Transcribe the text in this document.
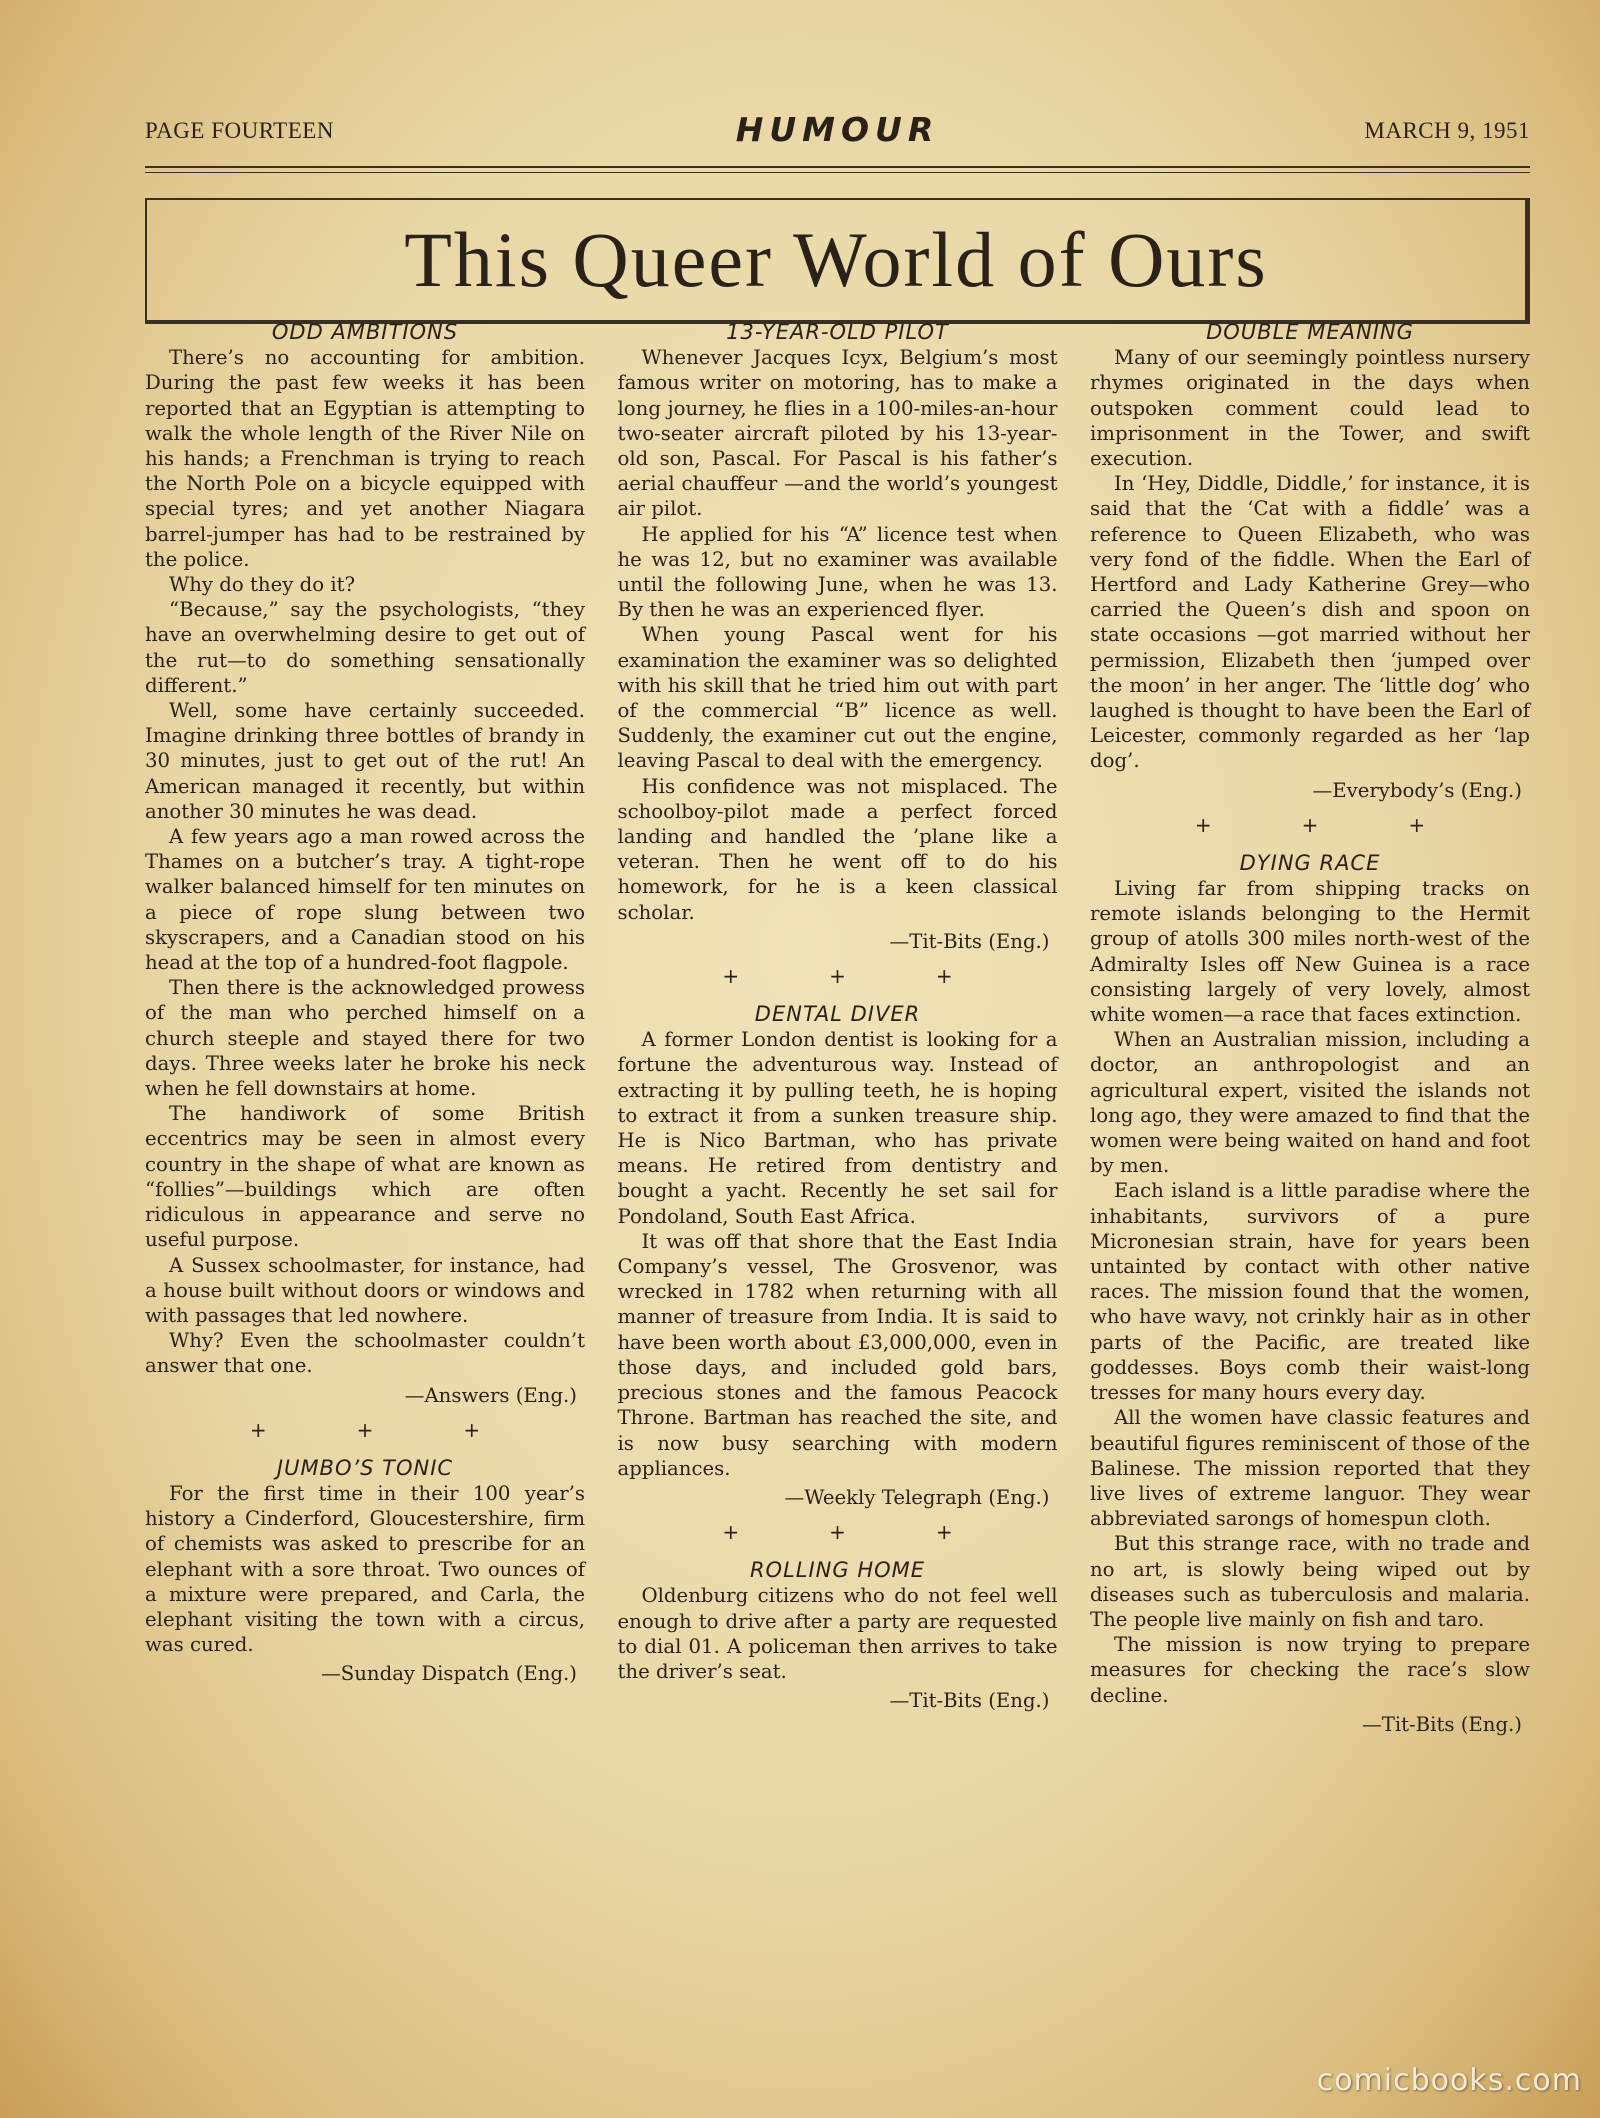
PAGE FOURTEEN	HUMOUR	MARCH 9, 1951
This Queer World of Ours
ODD AMBITIONS

There’s no accounting for ambition. During the past few weeks it has been reported that an Egyptian is attempting to walk the whole length of the River Nile on his hands; a Frenchman is trying to reach the North Pole on a bicycle equipped with special tyres; and yet another Niagara barrel-jumper has had to be restrained by the police.

Why do they do it?

“Because,” say the psychologists, “they have an overwhelming desire to get out of the rut—to do something sensationally different.”

Well, some have certainly succeeded. Imagine drinking three bottles of brandy in 30 minutes, just to get out of the rut! An American managed it recently, but within another 30 minutes he was dead.

A few years ago a man rowed across the Thames on a butcher’s tray. A tight-rope walker balanced himself for ten minutes on a piece of rope slung between two skyscrapers, and a Canadian stood on his head at the top of a hundred-foot flagpole.

Then there is the acknowledged prowess of the man who perched himself on a church steeple and stayed there for two days. Three weeks later he broke his neck when he fell downstairs at home.

The handiwork of some British eccentrics may be seen in almost every country in the shape of what are known as “follies”—buildings which are often ridiculous in appearance and serve no useful purpose.

A Sussex schoolmaster, for instance, had a house built without doors or windows and with passages that led nowhere.

Why? Even the schoolmaster couldn’t answer that one.

—Answers (Eng.)
+	+	+
JUMBO’S TONIC

For the first time in their 100 year’s history a Cinderford, Gloucestershire, firm of chemists was asked to prescribe for an elephant with a sore throat. Two ounces of a mixture were prepared, and Carla, the elephant visiting the town with a circus, was cured.

—Sunday Dispatch (Eng.)
13-YEAR-OLD PILOT

Whenever Jacques Icyx, Belgium’s most famous writer on motoring, has to make a long journey, he flies in a 100-miles-an-hour two-seater aircraft piloted by his 13-year-old son, Pascal. For Pascal is his father’s aerial chauffeur —and the world’s youngest air pilot.

He applied for his “A” licence test when he was 12, but no examiner was available until the following June, when he was 13. By then he was an experienced flyer.

When young Pascal went for his examination the examiner was so delighted with his skill that he tried him out with part of the commercial “B” licence as well. Suddenly, the examiner cut out the engine, leaving Pascal to deal with the emergency.

His confidence was not misplaced. The schoolboy-pilot made a perfect forced landing and handled the ’plane like a veteran. Then he went off to do his homework, for he is a keen classical scholar.

—Tit-Bits (Eng.)
+	+	+
DENTAL DIVER

A former London dentist is looking for a fortune the adventurous way. Instead of extracting it by pulling teeth, he is hoping to extract it from a sunken treasure ship. He is Nico Bartman, who has private means. He retired from dentistry and bought a yacht. Recently he set sail for Pondoland, South East Africa.

It was off that shore that the East India Company’s vessel, The Grosvenor, was wrecked in 1782 when returning with all manner of treasure from India. It is said to have been worth about £3,000,000, even in those days, and included gold bars, precious stones and the famous Peacock Throne. Bartman has reached the site, and is now busy searching with modern appliances.

—Weekly Telegraph (Eng.)
+	+	+
ROLLING HOME

Oldenburg citizens who do not feel well enough to drive after a party are requested to dial 01. A policeman then arrives to take the driver’s seat.

—Tit-Bits (Eng.)
DOUBLE MEANING

Many of our seemingly pointless nursery rhymes originated in the days when outspoken comment could lead to imprisonment in the Tower, and swift execution.

In ‘Hey, Diddle, Diddle,’ for instance, it is said that the ‘Cat with a fiddle’ was a reference to Queen Elizabeth, who was very fond of the fiddle. When the Earl of Hertford and Lady Katherine Grey—who carried the Queen’s dish and spoon on state occasions —got married without her permission, Elizabeth then ‘jumped over the moon’ in her anger. The ‘little dog’ who laughed is thought to have been the Earl of Leicester, commonly regarded as her ‘lap dog’.

—Everybody’s (Eng.)
+	+	+
DYING RACE

Living far from shipping tracks on remote islands belonging to the Hermit group of atolls 300 miles north-west of the Admiralty Isles off New Guinea is a race consisting largely of very lovely, almost white women—a race that faces extinction.

When an Australian mission, including a doctor, an anthropologist and an agricultural expert, visited the islands not long ago, they were amazed to find that the women were being waited on hand and foot by men.

Each island is a little paradise where the inhabitants, survivors of a pure Micronesian strain, have for years been untainted by contact with other native races. The mission found that the women, who have wavy, not crinkly hair as in other parts of the Pacific, are treated like goddesses. Boys comb their waist-long tresses for many hours every day.

All the women have classic features and beautiful figures reminiscent of those of the Balinese. The mission reported that they live lives of extreme languor. They wear abbreviated sarongs of homespun cloth.

But this strange race, with no trade and no art, is slowly being wiped out by diseases such as tuberculosis and malaria. The people live mainly on fish and taro.

The mission is now trying to prepare measures for checking the race’s slow decline.

—Tit-Bits (Eng.)
comicbooks.com
